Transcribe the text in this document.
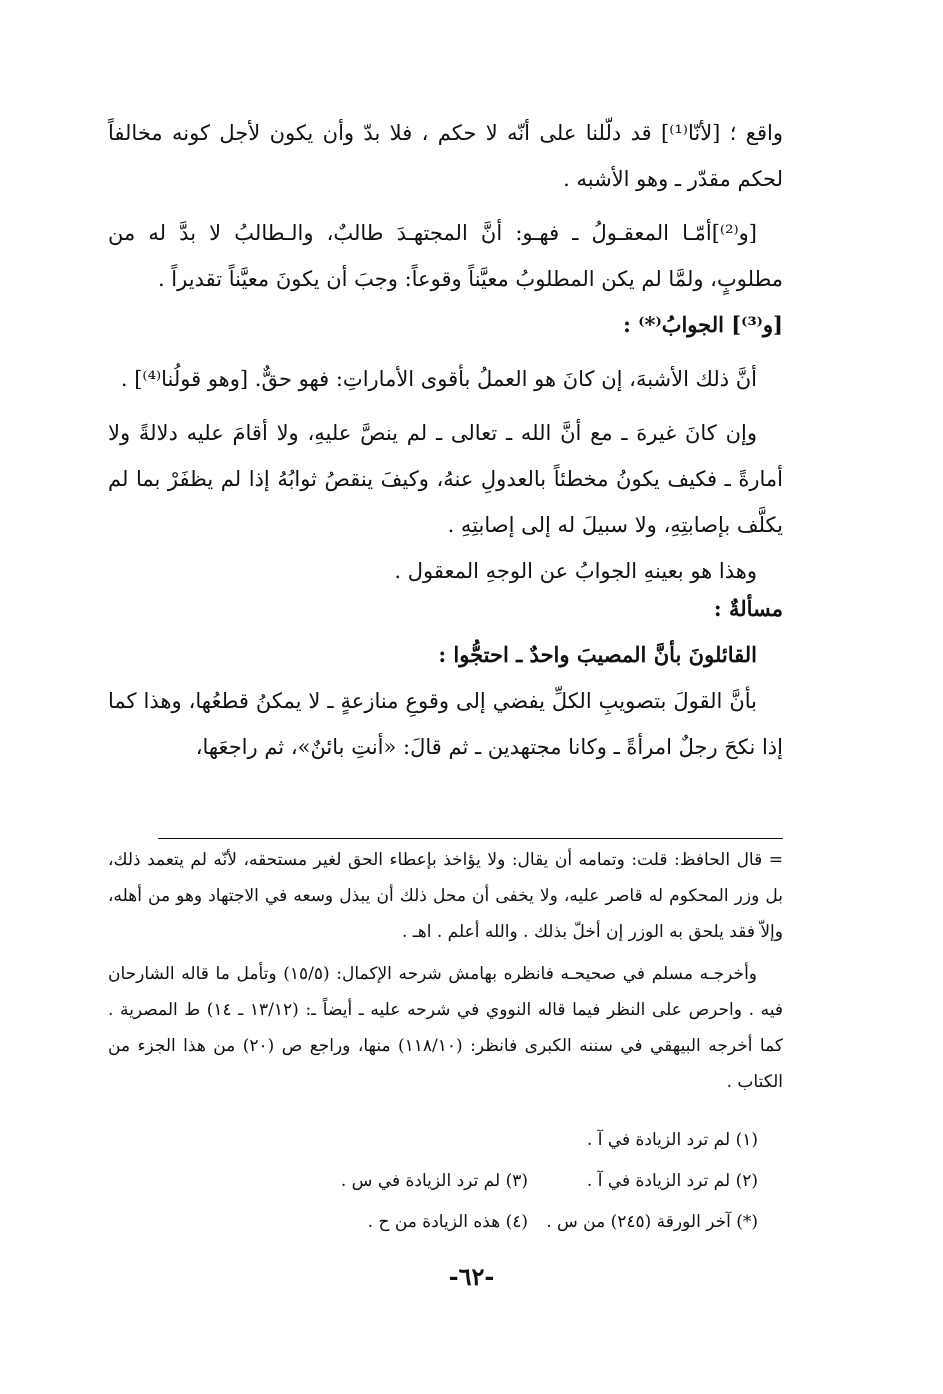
واقع ؛ [لأنّا⁽¹⁾] قد دلّلنا على أنّه لا حكم ، فلا بدّ وأن يكون لأجل كونه مخالفاً لحكم مقدّر ـ وهو الأشبه .

[و⁽²⁾]أمّـا المعقـولُ ـ فهـو: أنَّ المجتهـدَ طالبٌ، والـطالبُ لا بدَّ له من مطلوبٍ، ولمَّا لم يكن المطلوبُ معيَّناً وقوعاً: وجبَ أن يكونَ معيَّناً تقديراً .

[و⁽³⁾] الجوابُ⁽*⁾ :

أنَّ ذلك الأشبهَ، إن كانَ هو العملُ بأقوى الأماراتِ: فهو حقٌّ. [وهو قولُنا⁽⁴⁾] .

وإن كانَ غيرهَ ـ مع أنَّ الله ـ تعالى ـ لم ينصَّ عليهِ، ولا أقامَ عليه دلالةً ولا أمارةً ـ فكيف يكونُ مخطئاً بالعدولِ عنهُ، وكيفَ ينقصُ ثوابُهُ إذا لم يظفَرْ بما لم يكلَّف بإصابتِهِ، ولا سبيلَ له إلى إصابتِهِ .

وهذا هو بعينهِ الجوابُ عن الوجهِ المعقول .

مسألةٌ :

القائلونَ بأنَّ المصيبَ واحدٌ ـ احتجُّوا :

بأنَّ القولَ بتصويبِ الكلِّ يفضي إلى وقوعِ منازعةٍ ـ لا يمكنُ قطعُها، وهذا كما إذا نكحَ رجلٌ امرأةً ـ وكانا مجتهدين ـ ثم قالَ: «أنتِ بائنٌ»، ثم راجعَها،

= قال الحافظ: قلت: وتمامه أن يقال: ولا يؤاخذ بإعطاء الحق لغير مستحقه، لأنّه لم يتعمد ذلك، بل وزر المحكوم له قاصر عليه، ولا يخفى أن محل ذلك أن يبذل وسعه في الاجتهاد وهو من أهله، وإلاّ فقد يلحق به الوزر إن أخلّ بذلك . والله أعلم . اهـ .

وأخرجـه مسلم في صحيحـه فانظره بهامش شرحه الإكمال: (١٥/٥) وتأمل ما قاله الشارحان فيه . واحرص على النظر فيما قاله النووي في شرحه عليه ـ أيضاً ـ: (١٣/١٢ ـ ١٤) ط المصرية . كما أخرجه البيهقي في سننه الكبرى فانظر: (١١٨/١٠) منها، وراجع ص (٢٠) من هذا الجزء من الكتاب .

(١) لم ترد الزيادة في آ .
(٢) لم ترد الزيادة في آ .
(٣) لم ترد الزيادة في س .
(*) آخر الورقة (٢٤٥) من س .
(٤) هذه الزيادة من ح .
-٦٢-
